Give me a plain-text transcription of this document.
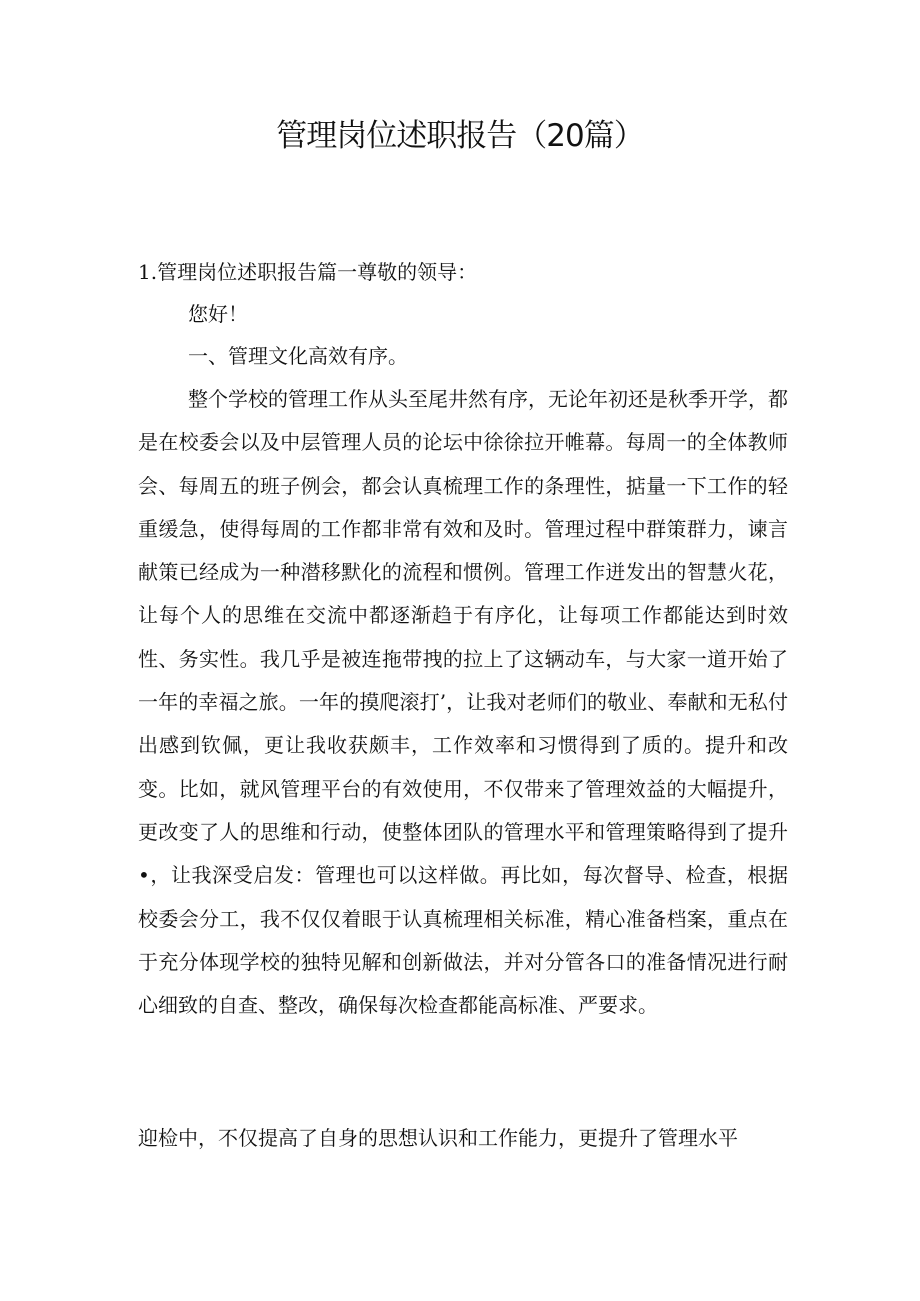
管理岗位述职报告（20篇）

1.管理岗位述职报告篇一尊敬的领导：

您好！

一、管理文化高效有序。

整个学校的管理工作从头至尾井然有序，无论年初还是秋季开学，都是在校委会以及中层管理人员的论坛中徐徐拉开帷幕。每周一的全体教师会、每周五的班子例会，都会认真梳理工作的条理性，掂量一下工作的轻重缓急，使得每周的工作都非常有效和及时。管理过程中群策群力，谏言献策已经成为一种潜移默化的流程和惯例。管理工作迸发出的智慧火花，让每个人的思维在交流中都逐渐趋于有序化，让每项工作都能达到时效性、务实性。我几乎是被连拖带拽的拉上了这辆动车，与大家一道开始了一年的幸福之旅。一年的摸爬滚打’，让我对老师们的敬业、奉献和无私付出感到钦佩，更让我收获颇丰，工作效率和习惯得到了质的。提升和改变。比如，就风管理平台的有效使用，不仅带来了管理效益的大幅提升，更改变了人的思维和行动，使整体团队的管理水平和管理策略得到了提升•，让我深受启发：管理也可以这样做。再比如，每次督导、检查，根据校委会分工，我不仅仅着眼于认真梳理相关标准，精心准备档案，重点在于充分体现学校的独特见解和创新做法，并对分管各口的准备情况进行耐心细致的自查、整改，确保每次检查都能高标准、严要求。

迎检中，不仅提高了自身的思想认识和工作能力，更提升了管理水平
